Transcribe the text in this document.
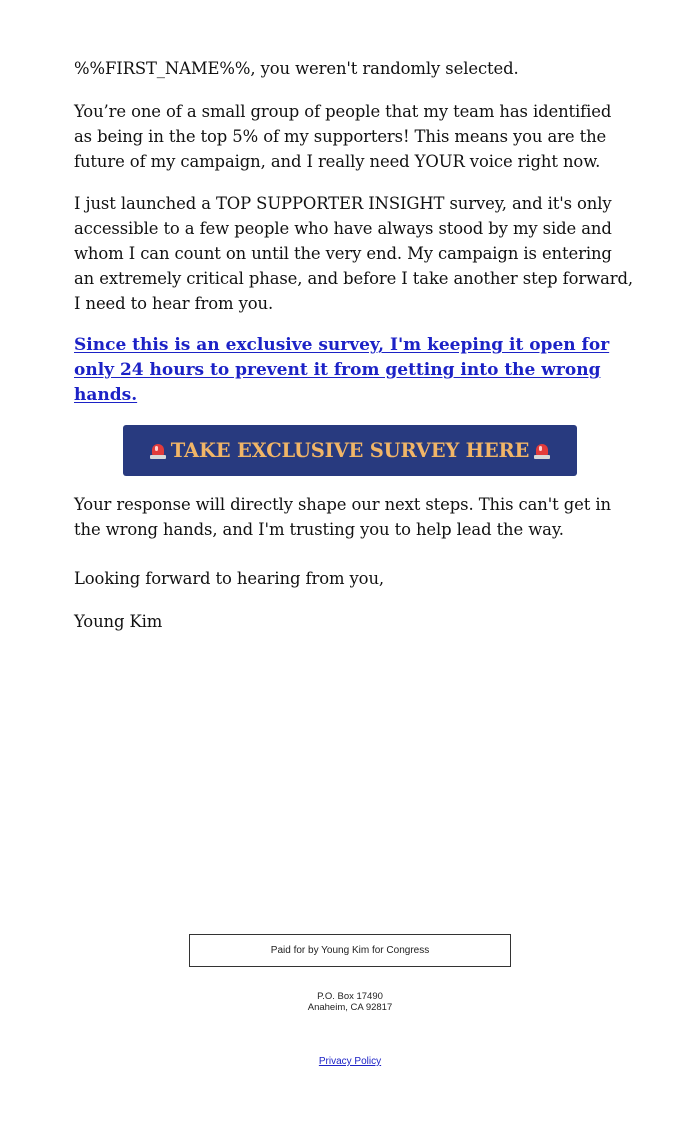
%%FIRST_NAME%%, you weren't randomly selected.

You’re one of a small group of people that my team has identified as being in the top 5% of my supporters! This means you are the future of my campaign, and I really need YOUR voice right now.

I just launched a TOP SUPPORTER INSIGHT survey, and it's only accessible to a few people who have always stood by my side and whom I can count on until the very end. My campaign is entering an extremely critical phase, and before I take another step forward, I need to hear from you.

Since this is an exclusive survey, I'm keeping it open for only 24 hours to prevent it from getting into the wrong hands.

TAKE EXCLUSIVE SURVEY HERE

Your response will directly shape our next steps. This can't get in the wrong hands, and I'm trusting you to help lead the way.

Looking forward to hearing from you,

Young Kim

Paid for by Young Kim for Congress
P.O. Box 17490
Anaheim, CA 92817
Privacy Policy
